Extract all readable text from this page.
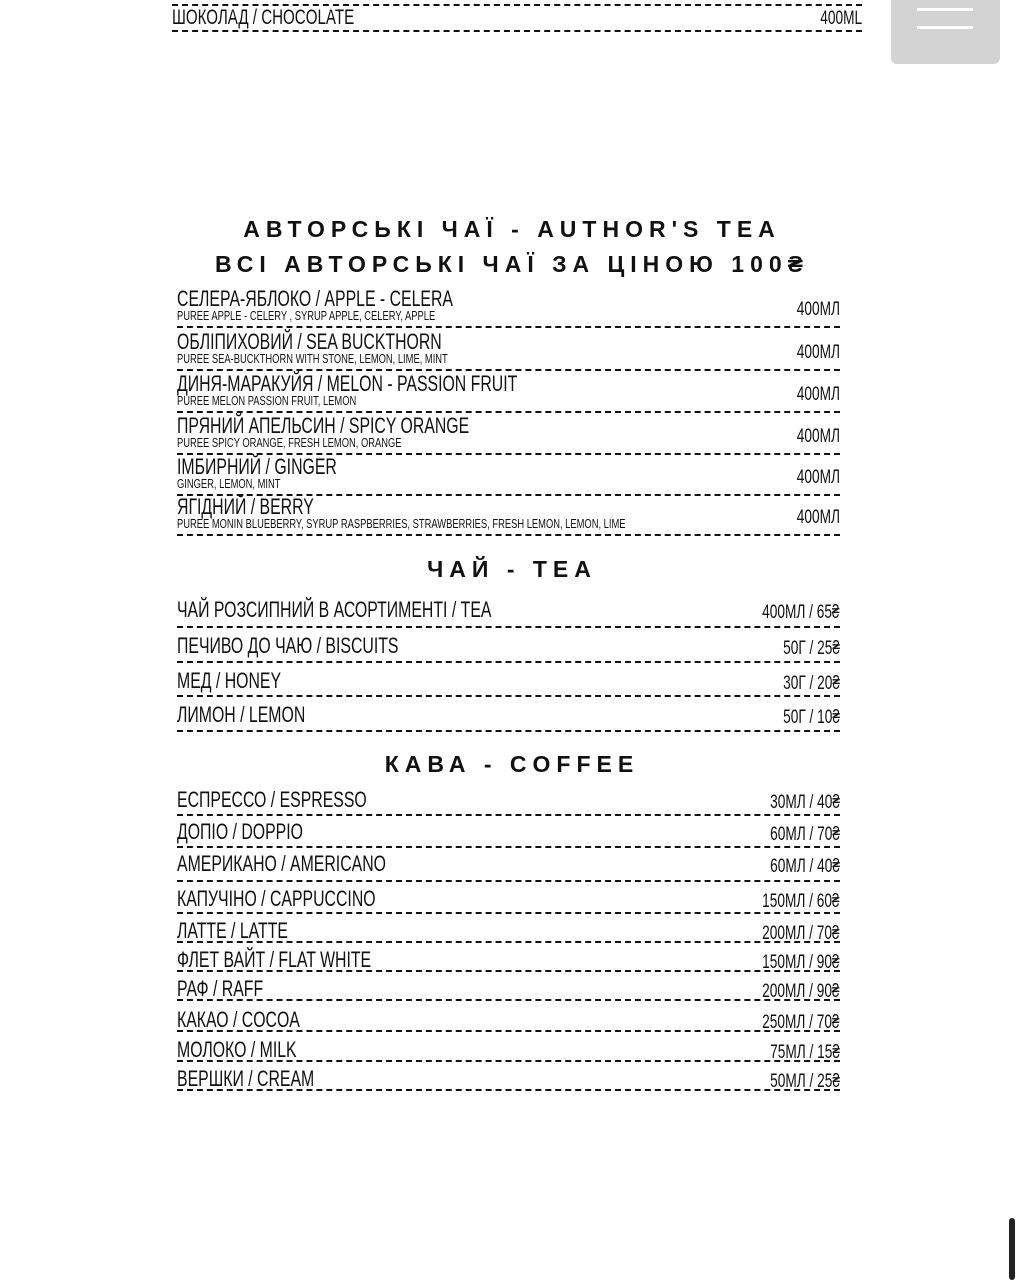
ШОКОЛАД / CHOCOLATE	400ML
АВТОРСЬКІ ЧАЇ - AUTHOR'S TEA
ВСІ АВТОРСЬКІ ЧАЇ ЗА ЦІНОЮ 100₴
СЕЛЕРА-ЯБЛОКО / APPLE - CELERA
PUREE APPLE - CELERY , SYRUP APPLE, CELERY, APPLE	400МЛ
ОБЛІПИХОВИЙ / SEA BUCKTHORN
PUREE SEA-BUCKTHORN WITH STONE, LEMON, LIME, MINT	400МЛ
ДИНЯ-МАРАКУЙЯ / MELON - PASSION FRUIT
PUREE MELON PASSION FRUIT, LEMON	400МЛ
ПРЯНИЙ АПЕЛЬСИН / SPICY ORANGE
PUREE SPICY ORANGE, FRESH LEMON, ORANGE	400МЛ
ІМБИРНИЙ / GINGER
GINGER, LEMON, MINT	400МЛ
ЯГІДНИЙ / BERRY
PUREE MONIN BLUEBERRY, SYRUP RASPBERRIES, STRAWBERRIES, FRESH LEMON, LEMON, LIME	400МЛ
ЧАЙ - TEA
ЧАЙ РОЗСИПНИЙ В АСОРТИМЕНТІ / TEA	400МЛ / 65₴
ПЕЧИВО ДО ЧАЮ / BISCUITS	50Г / 25₴
МЕД / HONEY	30Г / 20₴
ЛИМОН / LEMON	50Г / 10₴
КАВА - COFFEE
ЕСПРЕССО / ESPRESSO	30МЛ / 40₴
ДОПІО / DOPPIO	60МЛ / 70₴
АМЕРИКАНО / AMERICANO	60МЛ / 40₴
КАПУЧІНО / CAPPUCCINO	150МЛ / 60₴
ЛАТТЕ / LATTE	200МЛ / 70₴
ФЛЕТ ВАЙТ / FLAT WHITE	150МЛ / 90₴
РАФ / RAFF	200МЛ / 90₴
КАКАО / COCOA	250МЛ / 70₴
МОЛОКО / MILK	75МЛ / 15₴
ВЕРШКИ / CREAM	50МЛ / 25₴
